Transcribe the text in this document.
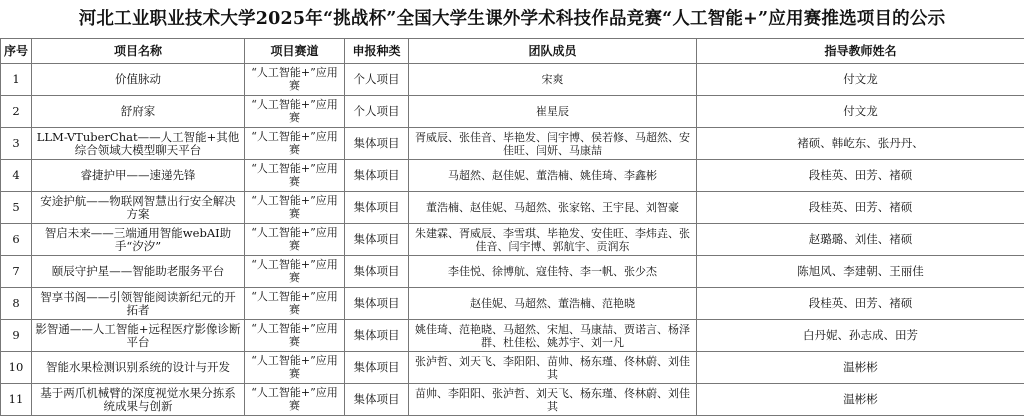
河北工业职业技术大学2025年“挑战杯”全国大学生课外学术科技作品竞赛“人工智能+”应用赛推选项目的公示
序号	项目名称	项目赛道	申报种类	团队成员	指导教师姓名
1	价值脉动	“人工智能+”应用赛	个人项目	宋爽	付文龙
2	舒府家	“人工智能+”应用赛	个人项目	崔星辰	付文龙
3	LLM-VTuberChat——人工智能+其他综合领域大模型聊天平台	“人工智能+”应用赛	集体项目	胥威辰、张佳音、毕艳发、闫宇博、侯若修、马超然、安佳旺、闫妍、马康喆	褚硕、韩屹东、张丹丹、
4	睿捷护甲——速递先锋	“人工智能+”应用赛	集体项目	马超然、赵佳妮、董浩楠、姚佳琦、李鑫彬	段桂英、田芳、褚硕
5	安途护航——物联网智慧出行安全解决方案	“人工智能+”应用赛	集体项目	董浩楠、赵佳妮、马超然、张家铭、王宇昆、刘智豪	段桂英、田芳、褚硕
6	智启未来——三端通用智能webAI助手“汐汐”	“人工智能+”应用赛	集体项目	朱建霖、胥威辰、李雪琪、毕艳发、安佳旺、李炜垚、张佳音、闫宇博、郭航宇、贡润东	赵璐璐、刘佳、褚硕
7	颐辰守护星——智能助老服务平台	“人工智能+”应用赛	集体项目	李佳悦、徐博航、寇佳特、李一帆、张少杰	陈旭风、李建朝、王丽佳
8	智享书阁——引领智能阅读新纪元的开拓者	“人工智能+”应用赛	集体项目	赵佳妮、马超然、董浩楠、范艳晓	段桂英、田芳、褚硕
9	影智通——人工智能+远程医疗影像诊断平台	“人工智能+”应用赛	集体项目	姚佳琦、范艳晓、马超然、宋旭、马康喆、贾诺言、杨泽群、杜佳松、姚苏宇、刘一凡	白丹妮、孙志成、田芳
10	智能水果检测识别系统的设计与开发	“人工智能+”应用赛	集体项目	张泸哲、刘天飞、李阳阳、苗帅、杨东瑾、佟林蔚、刘佳其	温彬彬
11	基于两爪机械臂的深度视觉水果分拣系统成果与创新	“人工智能+”应用赛	集体项目	苗帅、李阳阳、张泸哲、刘天飞、杨东瑾、佟林蔚、刘佳其	温彬彬
